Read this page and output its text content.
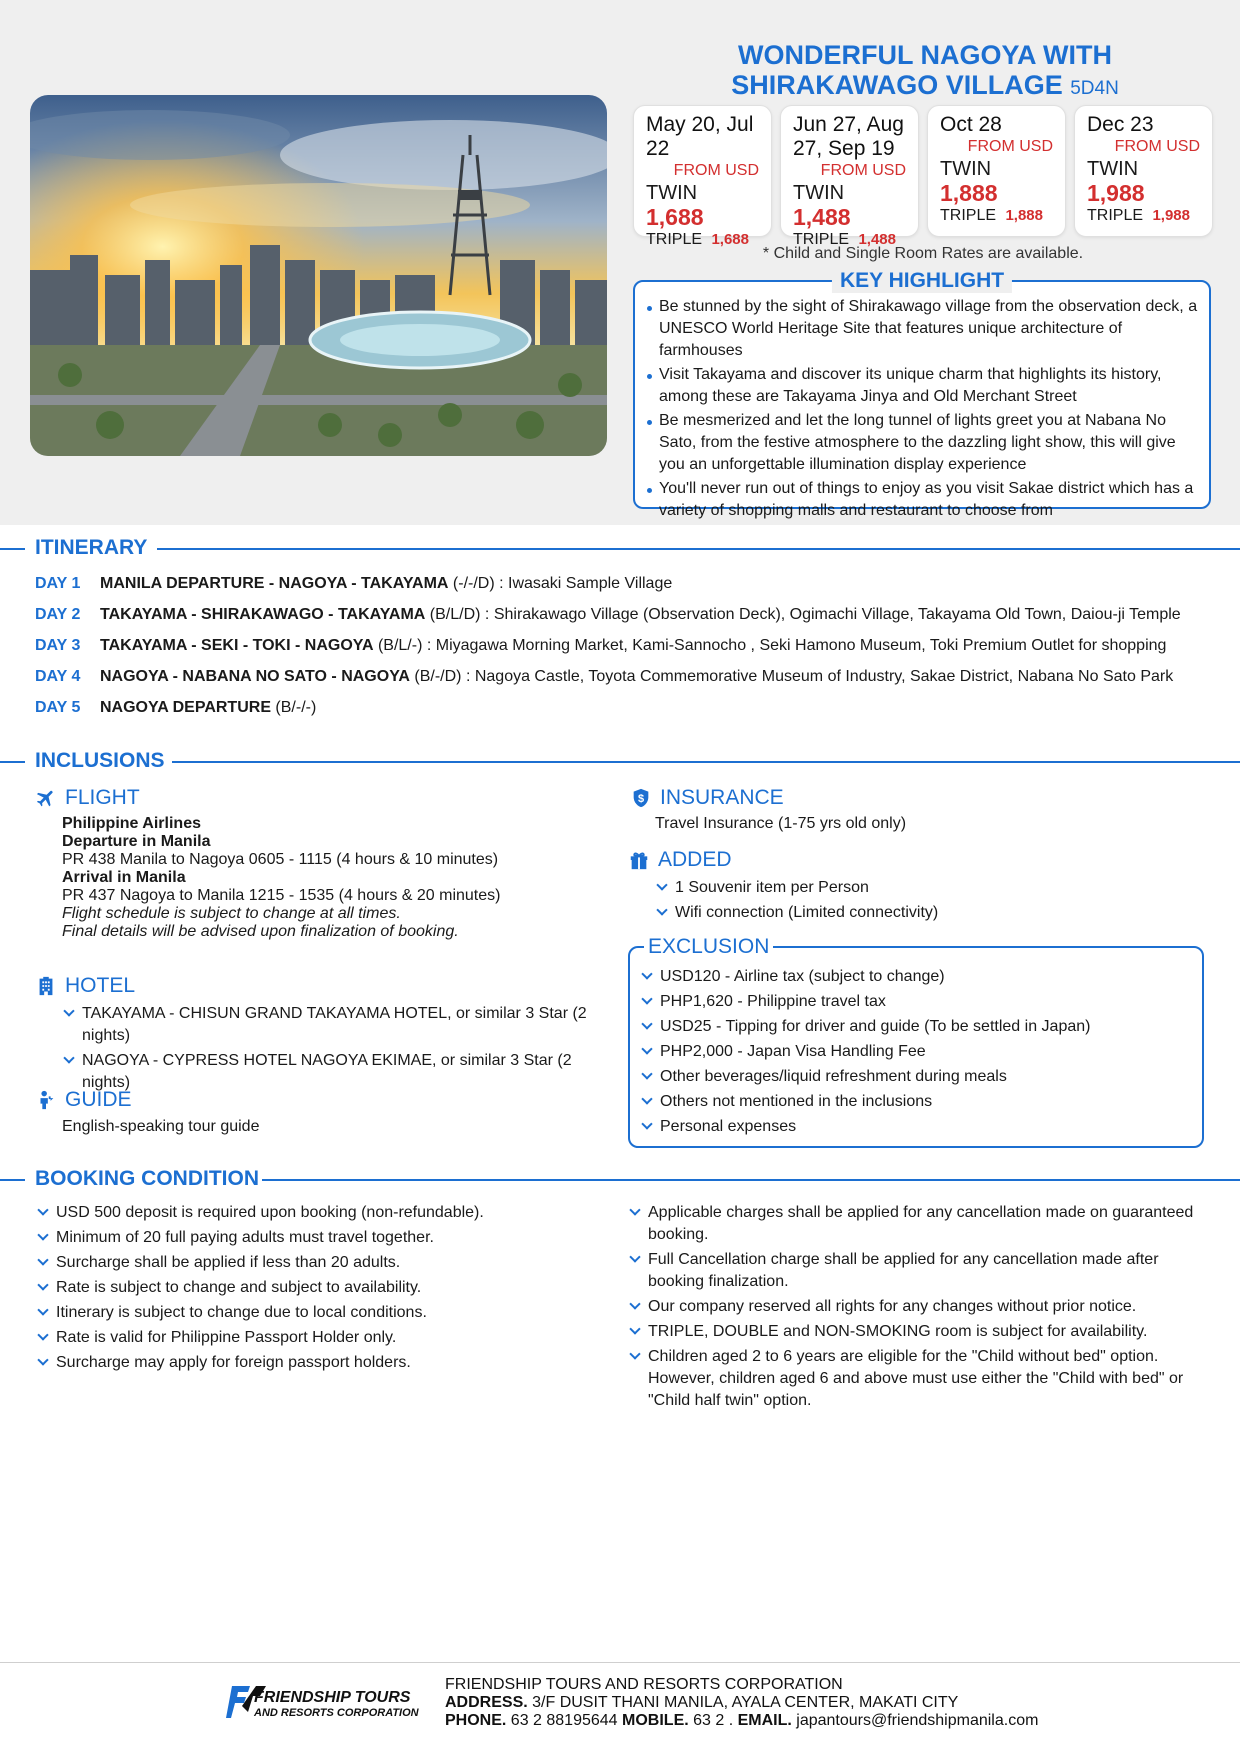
WONDERFUL NAGOYA WITH
SHIRAKAWAGO VILLAGE 5D4N
May 20, Jul 22
FROM USD
TWIN 1,688
TRIPLE 1,688
Jun 27, Aug 27, Sep 19
FROM USD
TWIN 1,488
TRIPLE 1,488
Oct 28
FROM USD
TWIN 1,888
TRIPLE 1,888
Dec 23
FROM USD
TWIN 1,988
TRIPLE 1,988
* Child and Single Room Rates are available.
KEY HIGHLIGHT
Be stunned by the sight of Shirakawago village from the observation deck, a UNESCO World Heritage Site that features unique architecture of farmhouses
Visit Takayama and discover its unique charm that highlights its history, among these are Takayama Jinya and Old Merchant Street
Be mesmerized and let the long tunnel of lights greet you at Nabana No Sato, from the festive atmosphere to the dazzling light show, this will give you an unforgettable illumination display experience
You'll never run out of things to enjoy as you visit Sakae district which has a variety of shopping malls and restaurant to choose from
ITINERARY
DAY 1	MANILA DEPARTURE - NAGOYA - TAKAYAMA (-/-/D) : Iwasaki Sample Village
DAY 2	TAKAYAMA - SHIRAKAWAGO - TAKAYAMA (B/L/D) : Shirakawago Village (Observation Deck), Ogimachi Village, Takayama Old Town, Daiou-ji Temple
DAY 3	TAKAYAMA - SEKI - TOKI - NAGOYA (B/L/-) : Miyagawa Morning Market, Kami-Sannocho , Seki Hamono Museum, Toki Premium Outlet for shopping
DAY 4	NAGOYA - NABANA NO SATO - NAGOYA (B/-/D) : Nagoya Castle, Toyota Commemorative Museum of Industry, Sakae District, Nabana No Sato Park
DAY 5	NAGOYA DEPARTURE (B/-/-)
INCLUSIONS
FLIGHT
Philippine Airlines
Departure in Manila
PR 438 Manila to Nagoya 0605 - 1115 (4 hours & 10 minutes)
Arrival in Manila
PR 437 Nagoya to Manila 1215 - 1535 (4 hours & 20 minutes)
Flight schedule is subject to change at all times.
Final details will be advised upon finalization of booking.
HOTEL
TAKAYAMA - CHISUN GRAND TAKAYAMA HOTEL, or similar 3 Star (2 nights)
NAGOYA - CYPRESS HOTEL NAGOYA EKIMAE, or similar 3 Star (2 nights)
GUIDE
English-speaking tour guide
$ INSURANCE
Travel Insurance (1-75 yrs old only)
ADDED
1 Souvenir item per Person
Wifi connection (Limited connectivity)
EXCLUSION
USD120 - Airline tax (subject to change)
PHP1,620 - Philippine travel tax
USD25 - Tipping for driver and guide (To be settled in Japan)
PHP2,000 - Japan Visa Handling Fee
Other beverages/liquid refreshment during meals
Others not mentioned in the inclusions
Personal expenses
BOOKING CONDITION
USD 500 deposit is required upon booking (non-refundable).
Minimum of 20 full paying adults must travel together.
Surcharge shall be applied if less than 20 adults.
Rate is subject to change and subject to availability.
Itinerary is subject to change due to local conditions.
Rate is valid for Philippine Passport Holder only.
Surcharge may apply for foreign passport holders.
Applicable charges shall be applied for any cancellation made on guaranteed booking.
Full Cancellation charge shall be applied for any cancellation made after booking finalization.
Our company reserved all rights for any changes without prior notice.
TRIPLE, DOUBLE and NON-SMOKING room is subject for availability.
Children aged 2 to 6 years are eligible for the "Child without bed" option. However, children aged 6 and above must use either the "Child with bed" or "Child half twin" option.
FRIENDSHIP TOURS
AND RESORTS CORPORATION
FRIENDSHIP TOURS AND RESORTS CORPORATION
ADDRESS. 3/F DUSIT THANI MANILA, AYALA CENTER, MAKATI CITY
PHONE. 63 2 88195644 MOBILE. 63 2 . EMAIL. japantours@friendshipmanila.com
